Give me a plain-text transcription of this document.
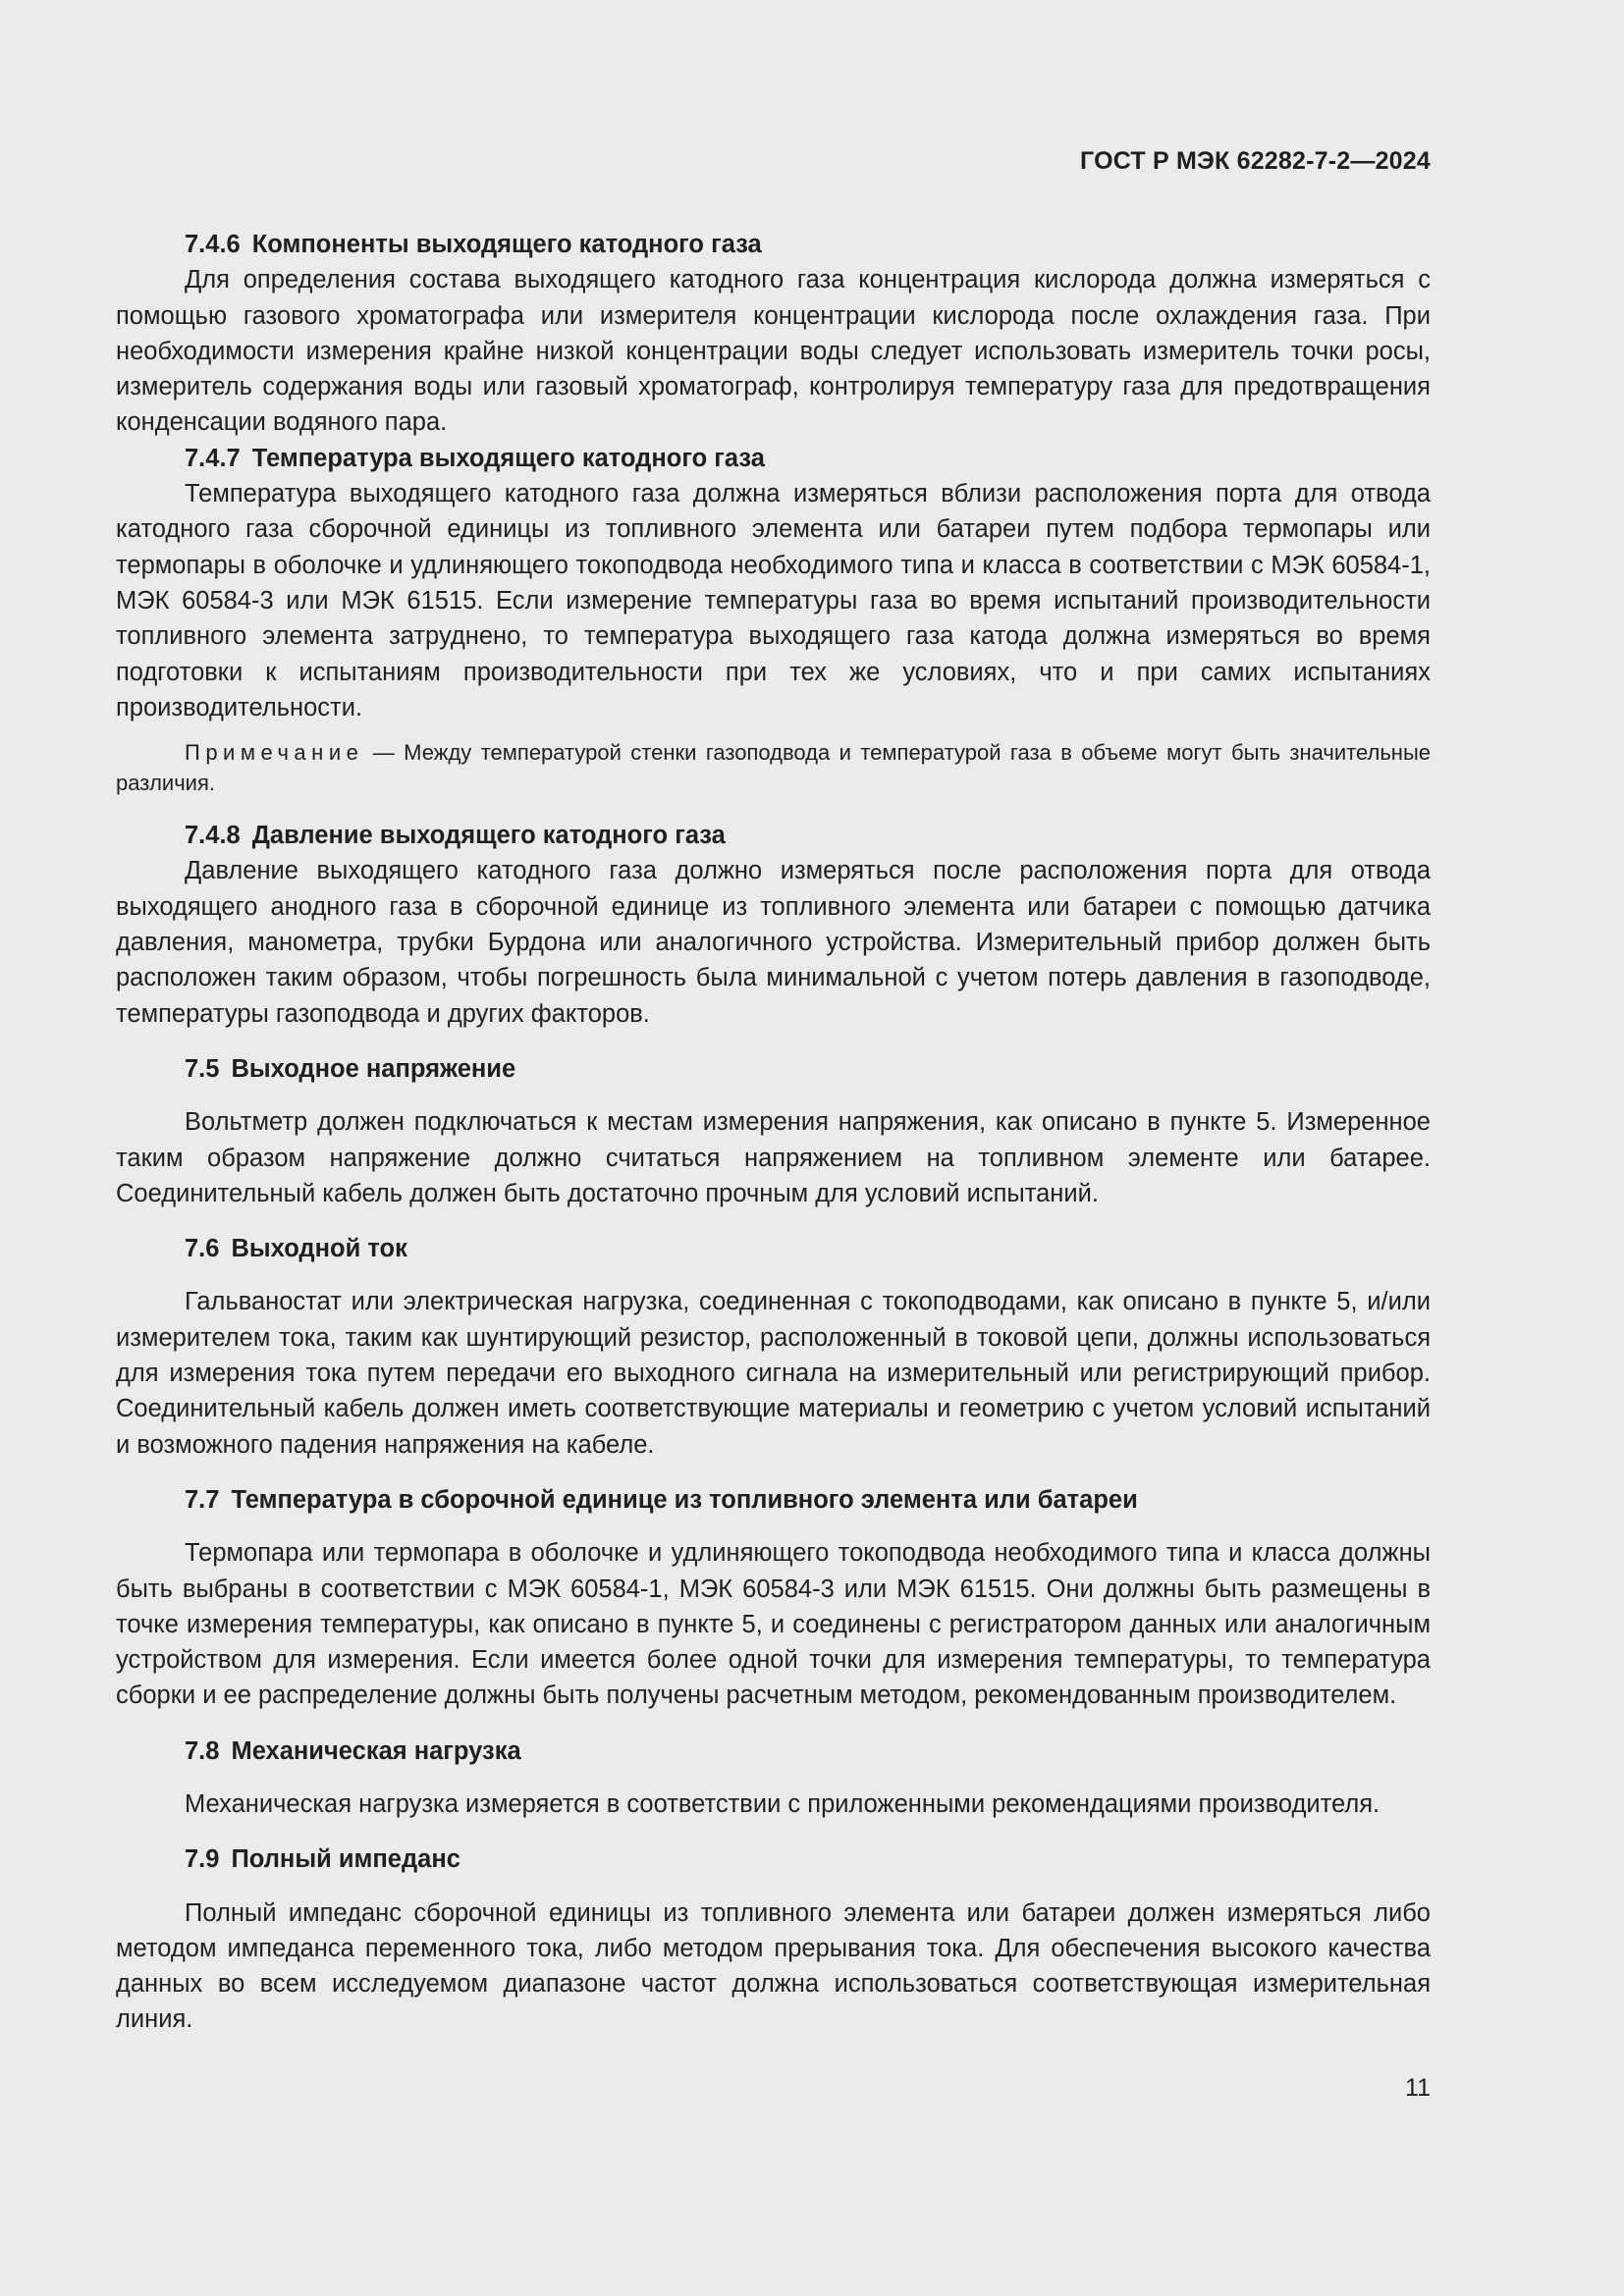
ГОСТ Р МЭК 62282-7-2—2024

7.4.6 Компоненты выходящего катодного газа

Для определения состава выходящего катодного газа концентрация кислорода должна измеряться с помощью газового хроматографа или измерителя концентрации кислорода после охлаждения газа. При необходимости измерения крайне низкой концентрации воды следует использовать измеритель точки росы, измеритель содержания воды или газовый хроматограф, контролируя температуру газа для предотвращения конденсации водяного пара.

7.4.7 Температура выходящего катодного газа

Температура выходящего катодного газа должна измеряться вблизи расположения порта для отвода катодного газа сборочной единицы из топливного элемента или батареи путем подбора термопары или термопары в оболочке и удлиняющего токоподвода необходимого типа и класса в соответствии с МЭК 60584-1, МЭК 60584-3 или МЭК 61515. Если измерение температуры газа во время испытаний производительности топливного элемента затруднено, то температура выходящего газа катода должна измеряться во время подготовки к испытаниям производительности при тех же условиях, что и при самих испытаниях производительности.

Примечание — Между температурой стенки газоподвода и температурой газа в объеме могут быть значительные различия.

7.4.8 Давление выходящего катодного газа

Давление выходящего катодного газа должно измеряться после расположения порта для отвода выходящего анодного газа в сборочной единице из топливного элемента или батареи с помощью датчика давления, манометра, трубки Бурдона или аналогичного устройства. Измерительный прибор должен быть расположен таким образом, чтобы погрешность была минимальной с учетом потерь давления в газоподводе, температуры газоподвода и других факторов.

7.5 Выходное напряжение

Вольтметр должен подключаться к местам измерения напряжения, как описано в пункте 5. Измеренное таким образом напряжение должно считаться напряжением на топливном элементе или батарее. Соединительный кабель должен быть достаточно прочным для условий испытаний.

7.6 Выходной ток

Гальваностат или электрическая нагрузка, соединенная с токоподводами, как описано в пункте 5, и/или измерителем тока, таким как шунтирующий резистор, расположенный в токовой цепи, должны использоваться для измерения тока путем передачи его выходного сигнала на измерительный или регистрирующий прибор. Соединительный кабель должен иметь соответствующие материалы и геометрию с учетом условий испытаний и возможного падения напряжения на кабеле.

7.7 Температура в сборочной единице из топливного элемента или батареи

Термопара или термопара в оболочке и удлиняющего токоподвода необходимого типа и класса должны быть выбраны в соответствии с МЭК 60584-1, МЭК 60584-3 или МЭК 61515. Они должны быть размещены в точке измерения температуры, как описано в пункте 5, и соединены с регистратором данных или аналогичным устройством для измерения. Если имеется более одной точки для измерения температуры, то температура сборки и ее распределение должны быть получены расчетным методом, рекомендованным производителем.

7.8 Механическая нагрузка

Механическая нагрузка измеряется в соответствии с приложенными рекомендациями производителя.

7.9 Полный импеданс

Полный импеданс сборочной единицы из топливного элемента или батареи должен измеряться либо методом импеданса переменного тока, либо методом прерывания тока. Для обеспечения высокого качества данных во всем исследуемом диапазоне частот должна использоваться соответствующая измерительная линия.

11
